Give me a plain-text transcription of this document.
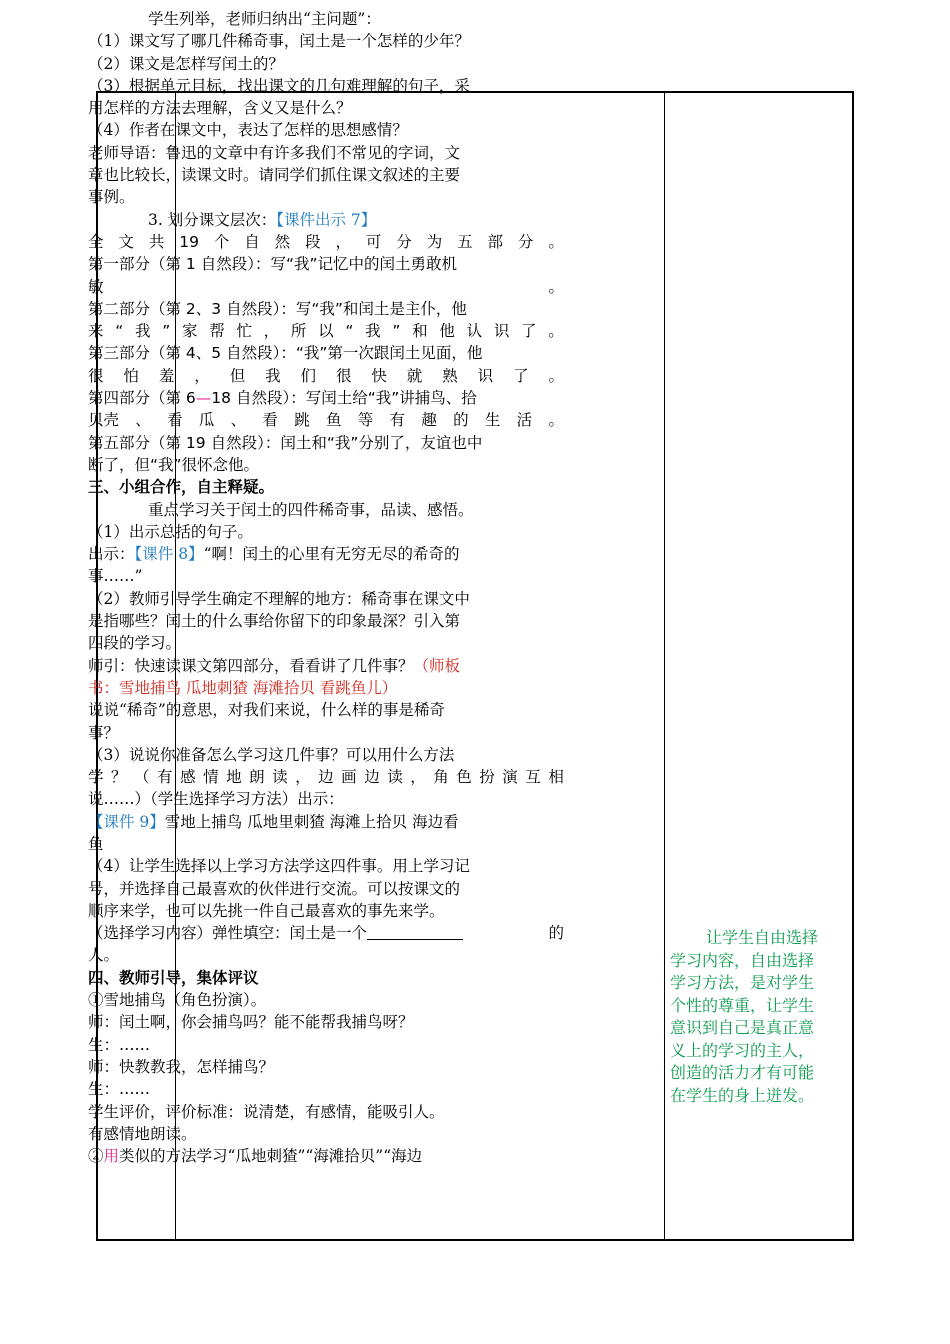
学生列举，老师归纳出“主问题”：
（1）课文写了哪几件稀奇事，闰土是一个怎样的少年？
（2）课文是怎样写闰土的？
（3）根据单元目标，找出课文的几句难理解的句子，采
用怎样的方法去理解，含义又是什么？
（4）作者在课文中，表达了怎样的思想感情？
老师导语：鲁迅的文章中有许多我们不常见的字词，文
章也比较长，读课文时。请同学们抓住课文叙述的主要
事例。
3. 划分课文层次：【课件出示 7】
全 文 共 19 个 自 然 段 ， 可 分 为 五 部 分 。
第一部分（第 1 自然段）：写“我”记忆中的闰土勇敢机
敏	。
第二部分（第 2、3 自然段）：写“我”和闰土是主仆，他
来 “ 我 ” 家 帮 忙 ， 所 以 “ 我 ” 和 他 认 识 了 。
第三部分（第 4、5 自然段）：“我”第一次跟闰土见面，他
很 怕 羞 ， 但 我 们 很 快 就 熟 识 了 。
第四部分（第 6—18 自然段）：写闰土给“我”讲捕鸟、拾
贝壳 、 看 瓜 、 看 跳 鱼 等 有 趣 的 生 活 。
第五部分（第 19 自然段）：闰土和“我”分别了，友谊也中
断了，但“我”很怀念他。
三、小组合作，自主释疑。
重点学习关于闰土的四件稀奇事，品读、感悟。
（1）出示总括的句子。
出示：【课件 8】“啊！闰土的心里有无穷无尽的希奇的
事……”
（2）教师引导学生确定不理解的地方：稀奇事在课文中
是指哪些？闰土的什么事给你留下的印象最深？引入第
四段的学习。
师引：快速读课文第四部分，看看讲了几件事？（师板
书：雪地捕鸟 瓜地刺猹 海滩拾贝 看跳鱼儿）
说说“稀奇”的意思，对我们来说，什么样的事是稀奇
事？
（3）说说你准备怎么学习这几件事？可以用什么方法
学 ？ （ 有 感 情 地 朗 读 ， 边 画 边 读 ， 角 色 扮 演 互 相
说……）（学生选择学习方法）出示：
【课件 9】雪地上捕鸟 瓜地里刺猹 海滩上拾贝 海边看
鱼
（4）让学生选择以上学习方法学这四件事。用上学习记
号，并选择自己最喜欢的伙伴进行交流。可以按课文的
顺序来学，也可以先挑一件自己最喜欢的事先来学。
（选择学习内容）弹性填空：闰土是一个	的
人。
四、教师引导，集体评议
①雪地捕鸟（角色扮演）。
师：闰土啊，你会捕鸟吗？能不能帮我捕鸟呀？
生：……
师：快教教我，怎样捕鸟？
生：……
学生评价，评价标准：说清楚，有感情，能吸引人。
有感情地朗读。
②用类似的方法学习“瓜地刺猹”“海滩拾贝”“海边
让学生自由选择
学习内容，自由选择
学习方法，是对学生
个性的尊重，让学生
意识到自己是真正意
义上的学习的主人，
创造的活力才有可能
在学生的身上迸发。
